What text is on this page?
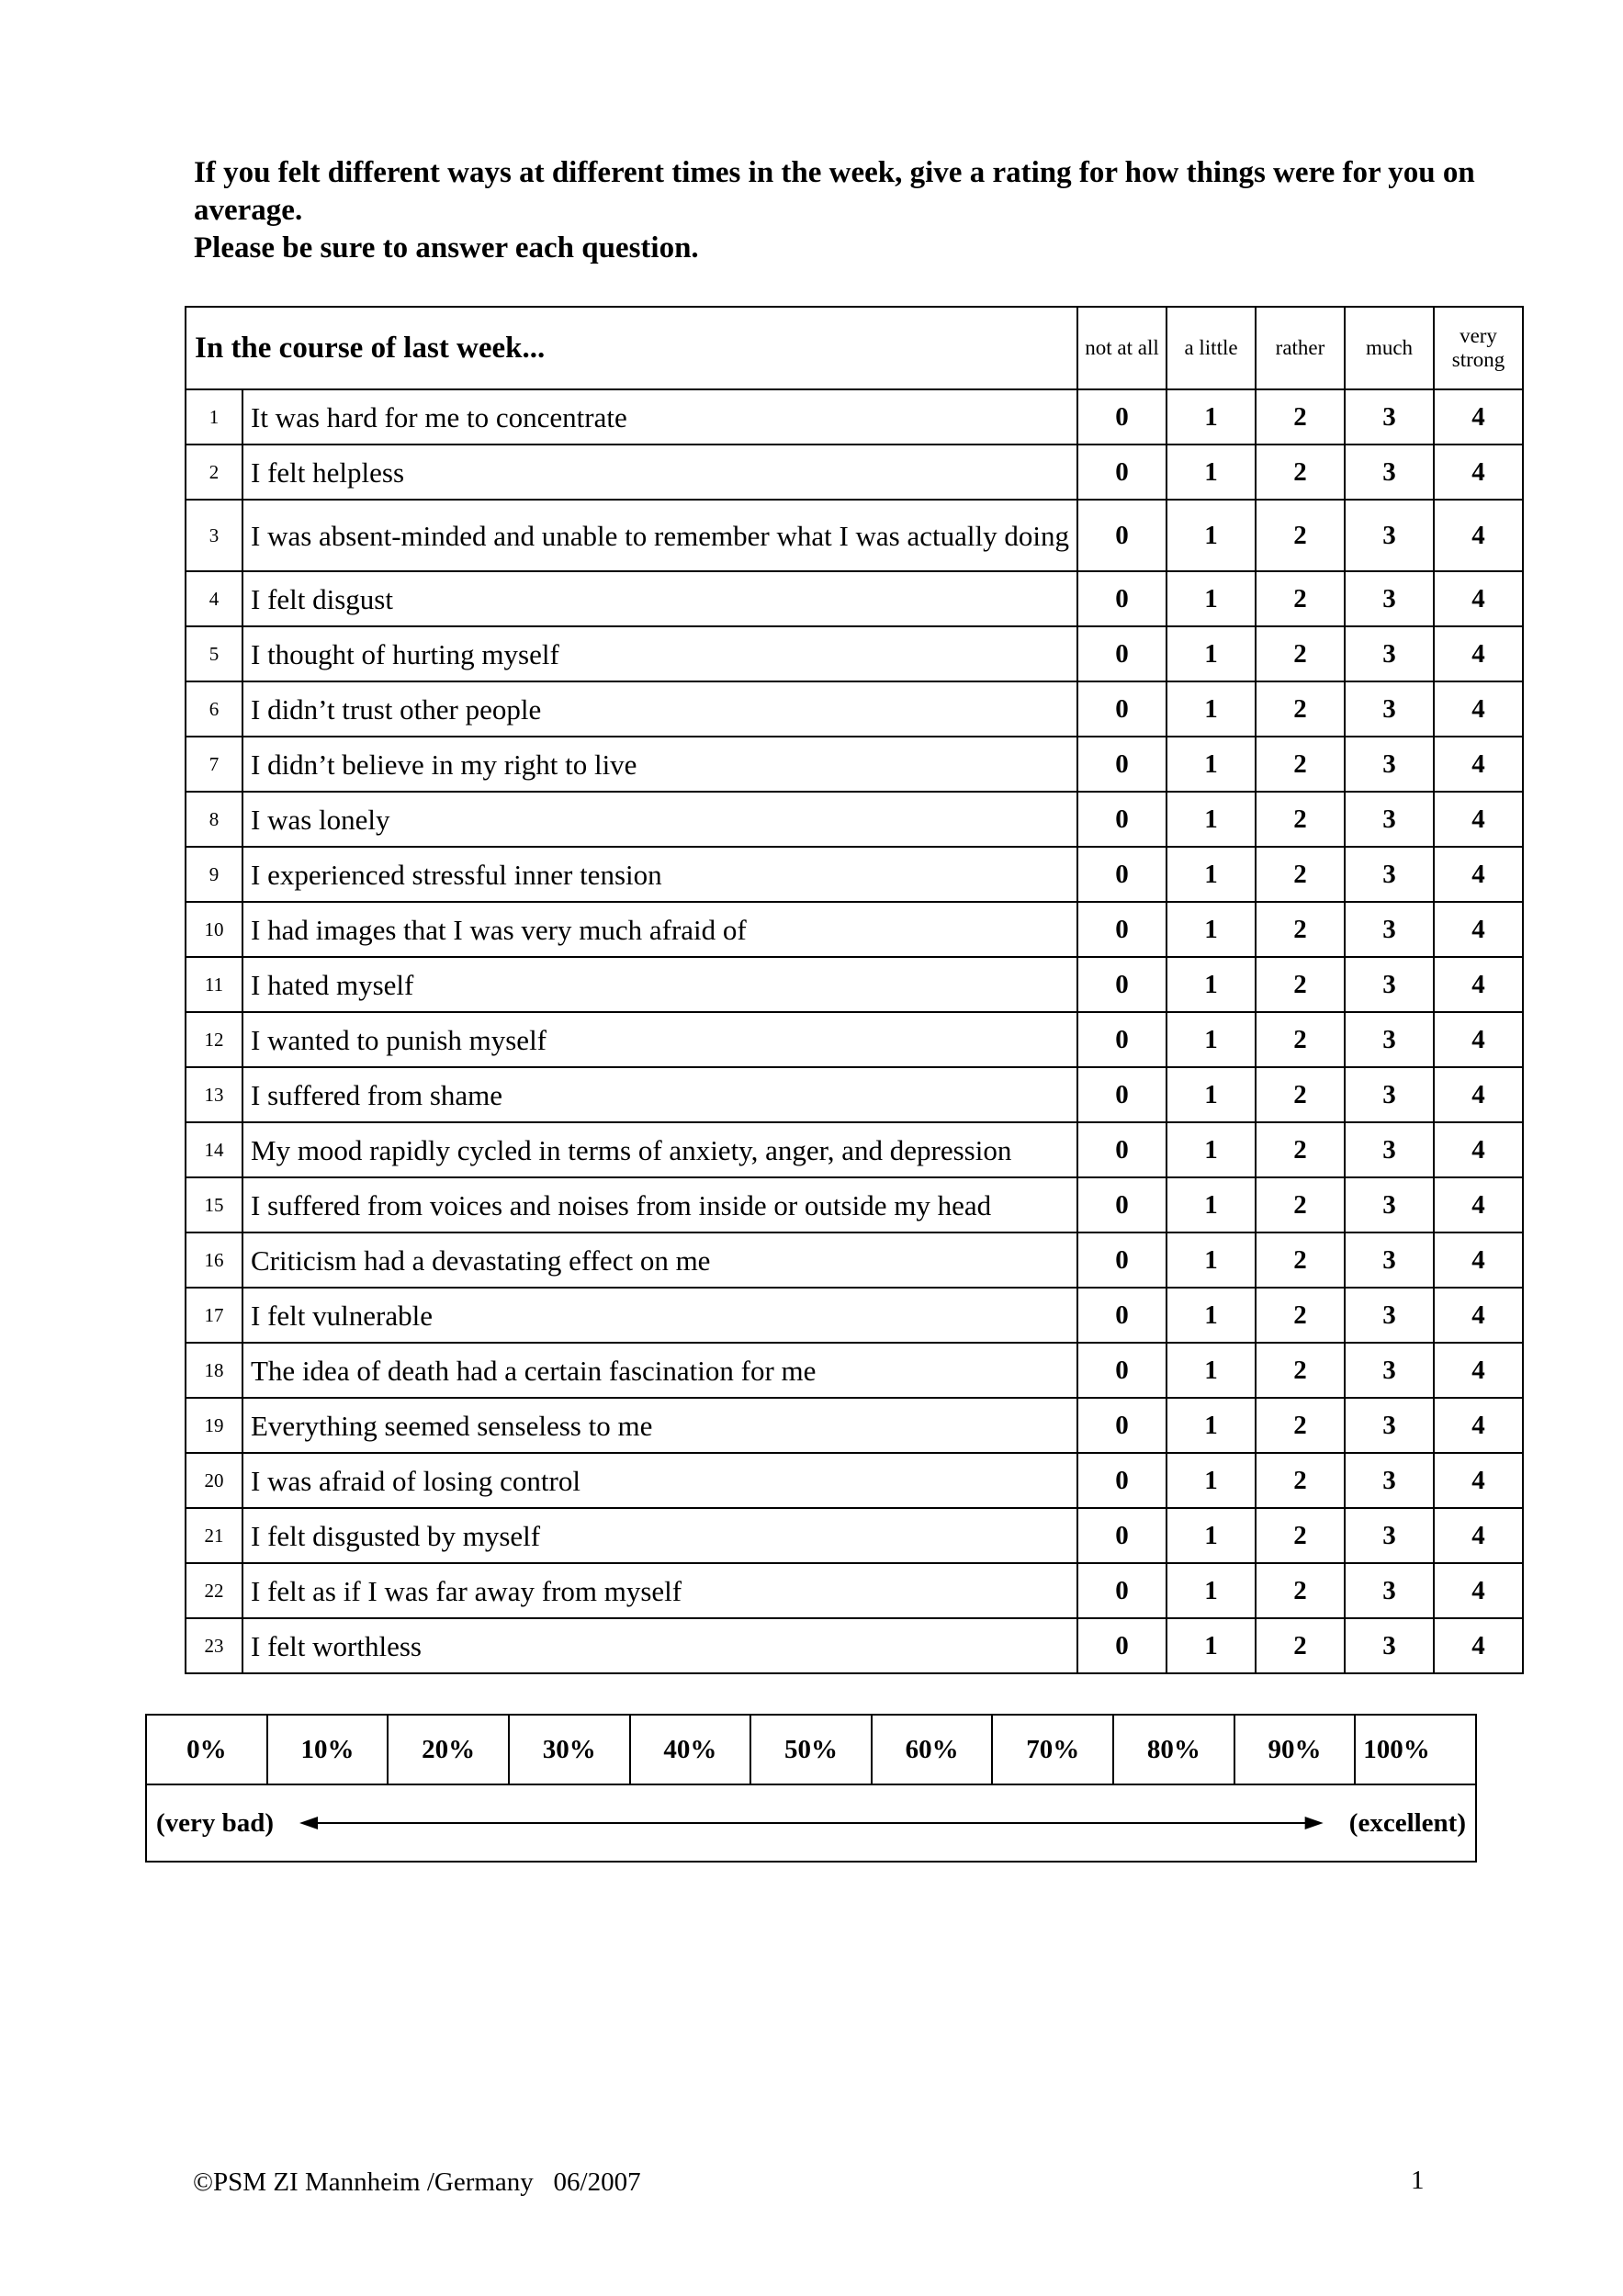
If you felt different ways at different times in the week, give a rating for how things were for you on average.

Please be sure to answer each question.

In the course of last week...		not at all	a little	rather	much	very strong
1	It was hard for me to concentrate	0	1	2	3	4
2	I felt helpless	0	1	2	3	4
3	I was absent-minded and unable to remember what I was actually doing	0	1	2	3	4
4	I felt disgust	0	1	2	3	4
5	I thought of hurting myself	0	1	2	3	4
6	I didn’t trust other people	0	1	2	3	4
7	I didn’t believe in my right to live	0	1	2	3	4
8	I was lonely	0	1	2	3	4
9	I experienced stressful inner tension	0	1	2	3	4
10	I had images that I was very much afraid of	0	1	2	3	4
11	I hated myself	0	1	2	3	4
12	I wanted to punish myself	0	1	2	3	4
13	I suffered from shame	0	1	2	3	4
14	My mood rapidly cycled in terms of anxiety, anger, and depression	0	1	2	3	4
15	I suffered from voices and noises from inside or outside my head	0	1	2	3	4
16	Criticism had a devastating effect on me	0	1	2	3	4
17	I felt vulnerable	0	1	2	3	4
18	The idea of death had a certain fascination for me	0	1	2	3	4
19	Everything seemed senseless to me	0	1	2	3	4
20	I was afraid of losing control	0	1	2	3	4
21	I felt disgusted by myself	0	1	2	3	4
22	I felt as if I was far away from myself	0	1	2	3	4
23	I felt worthless	0	1	2	3	4
0%	10%	20%	30%	40%	50%	60%	70%	80%	90%	100%

(very bad)	(excellent)
©PSM ZI Mannheim /Germany   06/2007	1
